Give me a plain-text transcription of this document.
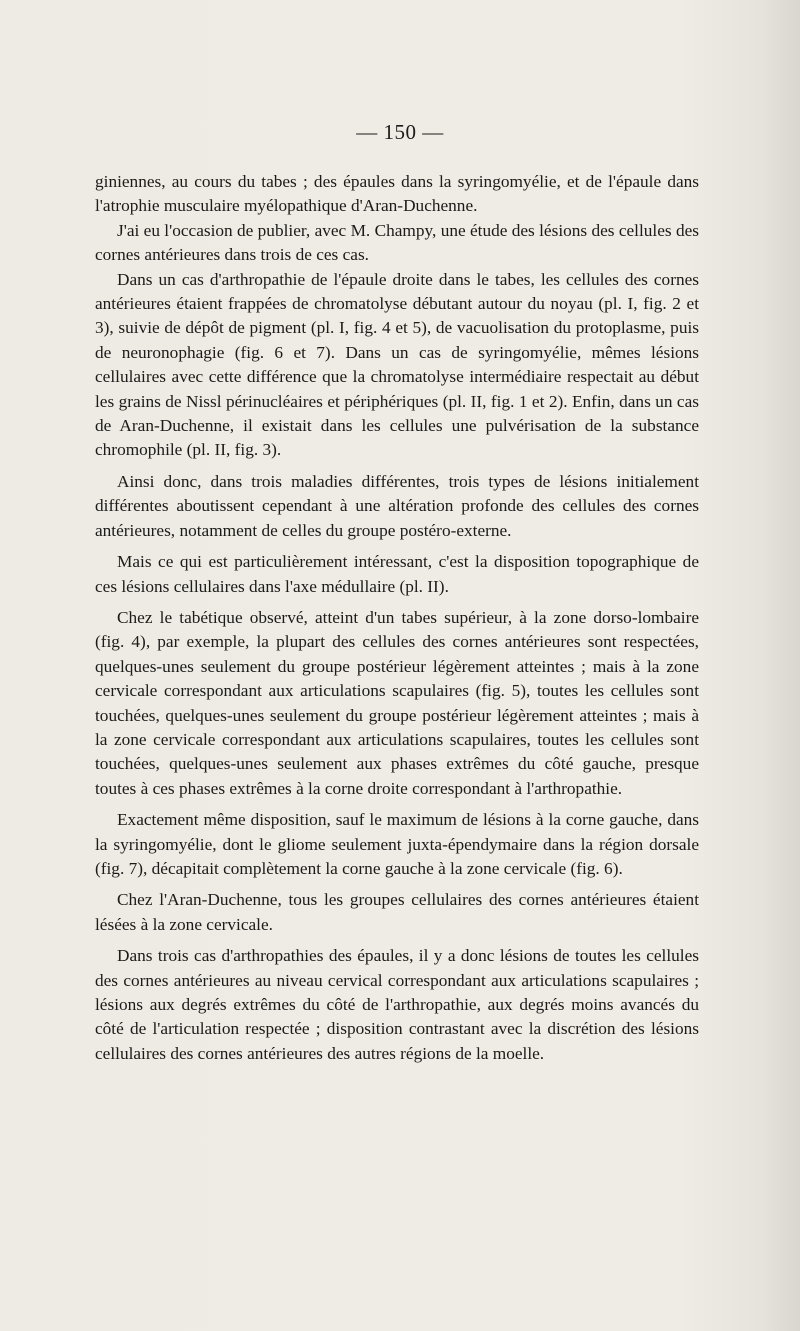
— 150 —

giniennes, au cours du tabes ; des épaules dans la syringomyélie, et de l'épaule dans l'atrophie musculaire myélopathique d'Aran-Duchenne.

J'ai eu l'occasion de publier, avec M. Champy, une étude des lésions des cellules des cornes antérieures dans trois de ces cas.

Dans un cas d'arthropathie de l'épaule droite dans le tabes, les cellules des cornes antérieures étaient frappées de chromatolyse débutant autour du noyau (pl. I, fig. 2 et 3), suivie de dépôt de pigment (pl. I, fig. 4 et 5), de vacuolisation du protoplasme, puis de neuronophagie (fig. 6 et 7). Dans un cas de syringomyélie, mêmes lésions cellulaires avec cette différence que la chromatolyse intermédiaire respectait au début les grains de Nissl périnucléaires et périphériques (pl. II, fig. 1 et 2). Enfin, dans un cas de Aran-Duchenne, il existait dans les cellules une pulvérisation de la substance chromophile (pl. II, fig. 3).

Ainsi donc, dans trois maladies différentes, trois types de lésions initialement différentes aboutissent cependant à une altération profonde des cellules des cornes antérieures, notamment de celles du groupe postéro-externe.

Mais ce qui est particulièrement intéressant, c'est la disposition topographique de ces lésions cellulaires dans l'axe médullaire (pl. II).

Chez le tabétique observé, atteint d'un tabes supérieur, à la zone dorso-lombaire (fig. 4), par exemple, la plupart des cellules des cornes antérieures sont respectées, quelques-unes seulement du groupe postérieur légèrement atteintes ; mais à la zone cervicale correspondant aux articulations scapulaires (fig. 5), toutes les cellules sont touchées, quelques-unes seulement du groupe postérieur légèrement atteintes ; mais à la zone cervicale correspondant aux articulations scapulaires, toutes les cellules sont touchées, quelques-unes seulement aux phases extrêmes du côté gauche, presque toutes à ces phases extrêmes à la corne droite correspondant à l'arthropathie.

Exactement même disposition, sauf le maximum de lésions à la corne gauche, dans la syringomyélie, dont le gliome seulement juxta-épendymaire dans la région dorsale (fig. 7), décapitait complètement la corne gauche à la zone cervicale (fig. 6).

Chez l'Aran-Duchenne, tous les groupes cellulaires des cornes antérieures étaient lésées à la zone cervicale.

Dans trois cas d'arthropathies des épaules, il y a donc lésions de toutes les cellules des cornes antérieures au niveau cervical correspondant aux articulations scapulaires ; lésions aux degrés extrêmes du côté de l'arthropathie, aux degrés moins avancés du côté de l'articulation respectée ; disposition contrastant avec la discrétion des lésions cellulaires des cornes antérieures des autres régions de la moelle.
